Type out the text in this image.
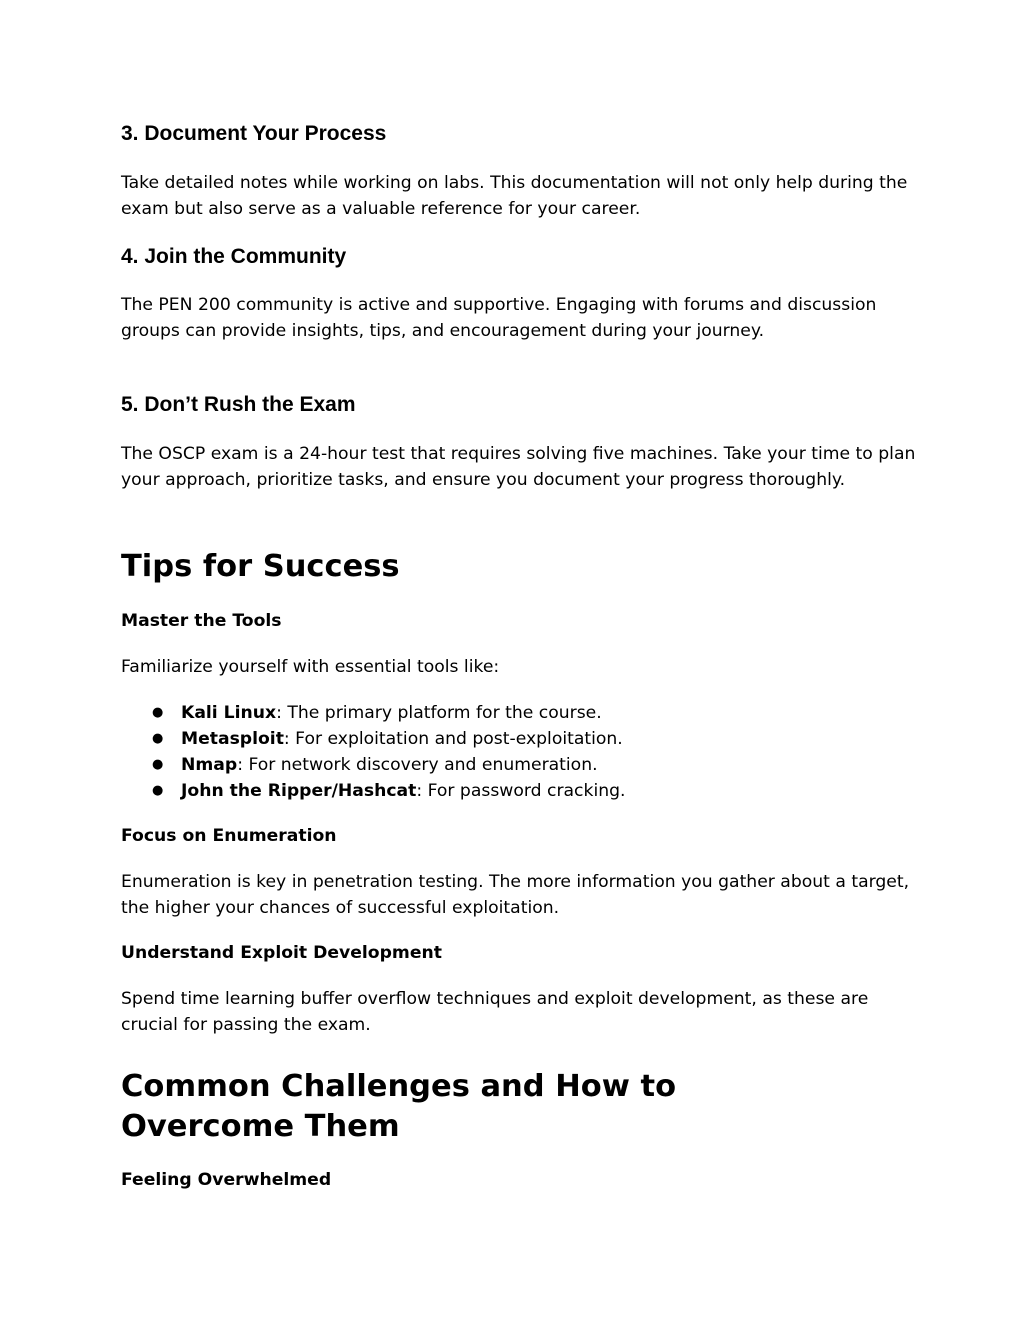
3. Document Your Process

Take detailed notes while working on labs. This documentation will not only help during the exam but also serve as a valuable reference for your career.

4. Join the Community

The PEN 200 community is active and supportive. Engaging with forums and discussion groups can provide insights, tips, and encouragement during your journey.

5. Don’t Rush the Exam

The OSCP exam is a 24-hour test that requires solving five machines. Take your time to plan your approach, prioritize tasks, and ensure you document your progress thoroughly.

Tips for Success
Master the Tools

Familiarize yourself with essential tools like:

● Kali Linux: The primary platform for the course.
● Metasploit: For exploitation and post-exploitation.
● Nmap: For network discovery and enumeration.
● John the Ripper/Hashcat: For password cracking.
Focus on Enumeration

Enumeration is key in penetration testing. The more information you gather about a target, the higher your chances of successful exploitation.

Understand Exploit Development

Spend time learning buffer overflow techniques and exploit development, as these are crucial for passing the exam.

Common Challenges and How to Overcome Them
Feeling Overwhelmed
